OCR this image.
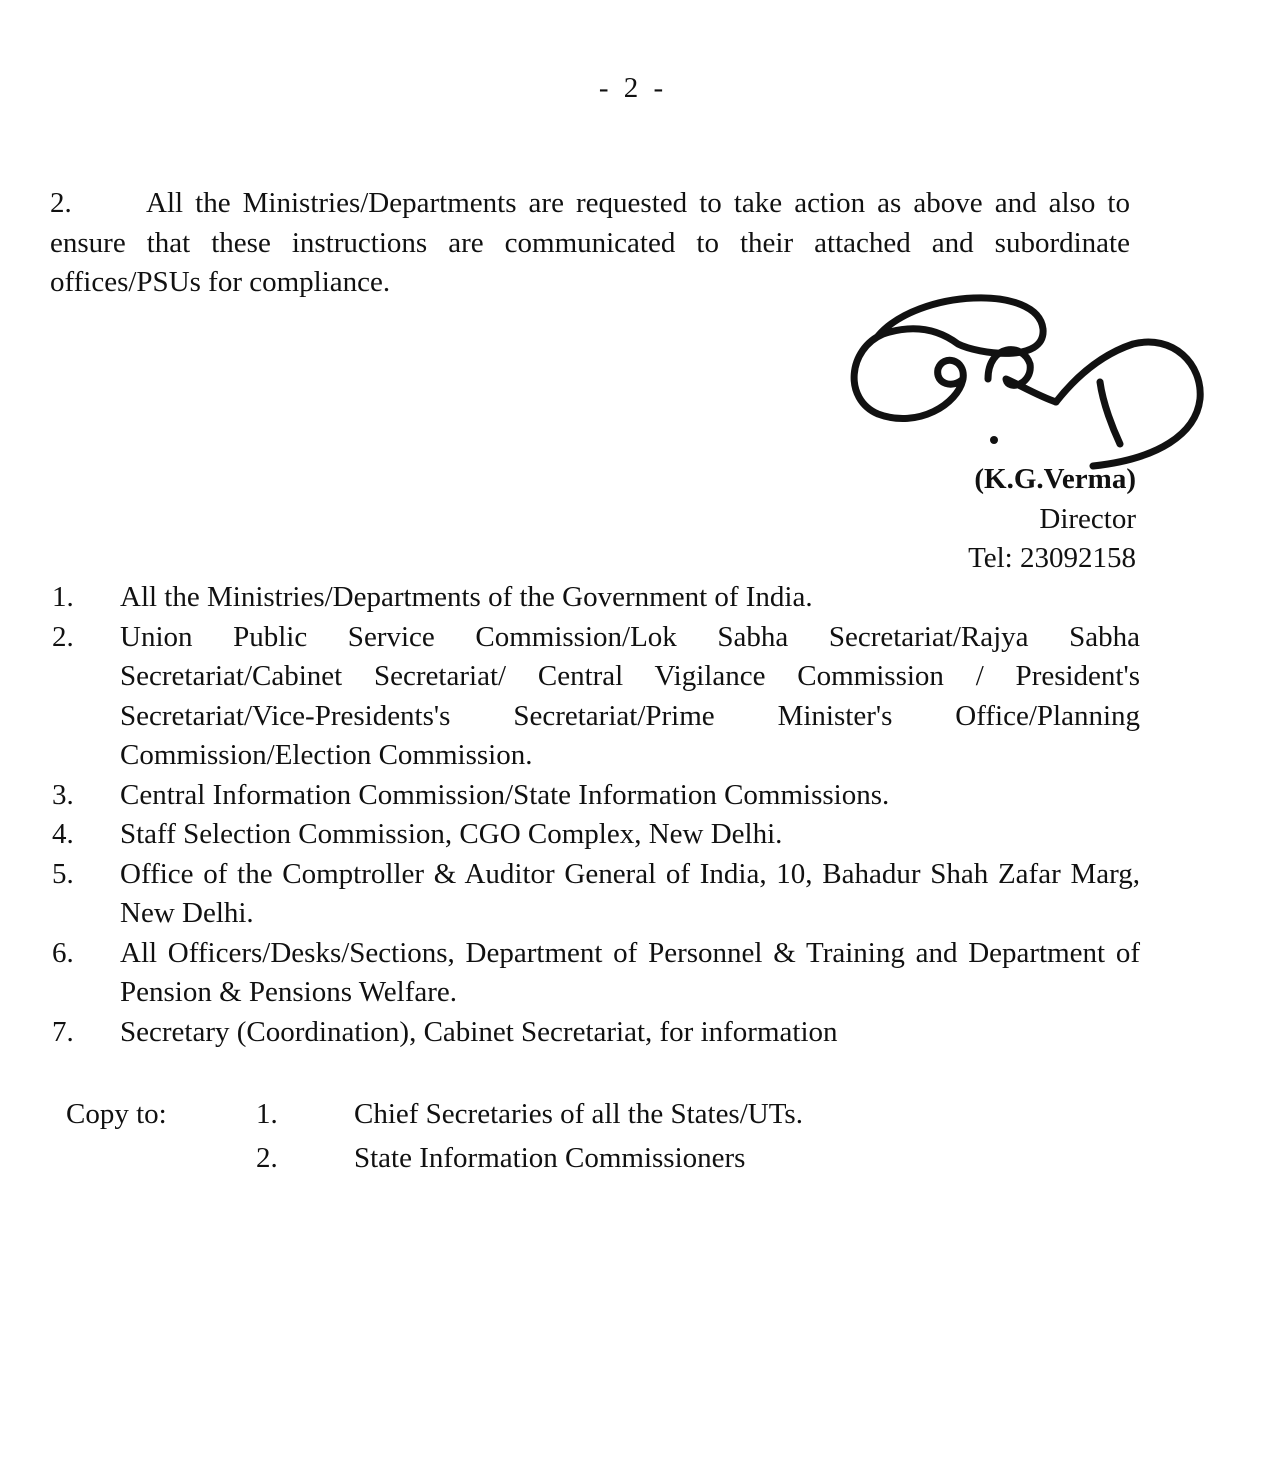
- 2 -
2.	All the Ministries/Departments are requested to take action as above and also to ensure that these instructions are communicated to their attached and subordinate offices/PSUs for compliance.
(K.G.Verma)
Director
Tel: 23092158
1.	All the Ministries/Departments of the Government of India.
2.	Union Public Service Commission/Lok Sabha Secretariat/Rajya Sabha Secretariat/Cabinet Secretariat/ Central Vigilance Commission / President's Secretariat/Vice-Presidents's Secretariat/Prime Minister's Office/Planning Commission/Election Commission.
3.	Central Information Commission/State Information Commissions.
4.	Staff Selection Commission, CGO Complex, New Delhi.
5.	Office of the Comptroller & Auditor General of India, 10, Bahadur Shah Zafar Marg, New Delhi.
6.	All Officers/Desks/Sections, Department of Personnel & Training and Department of Pension & Pensions Welfare.
7.	Secretary (Coordination), Cabinet Secretariat, for information
Copy to:	1.	Chief Secretaries of all the States/UTs.
2.	State Information Commissioners
